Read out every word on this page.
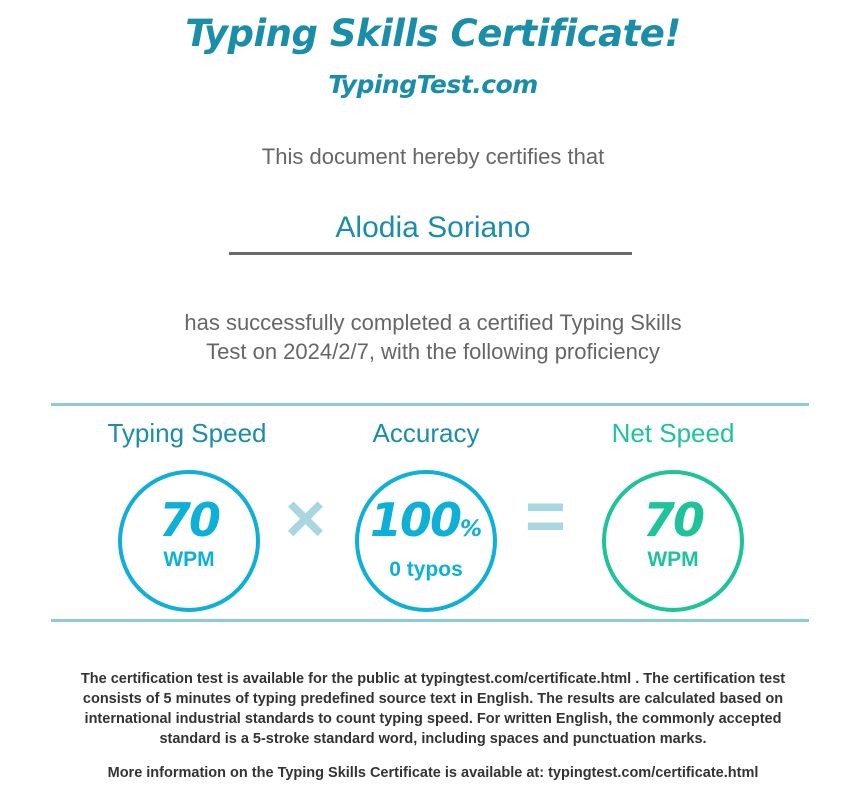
Typing Skills Certificate!
TypingTest.com
This document hereby certifies that
Alodia Soriano
has successfully completed a certified Typing Skills
Test on 2024/2/7, with the following proficiency
Typing Speed	Accuracy	Net Speed
70
WPM
× 100%
0 typos
=	70
WPM
The certification test is available for the public at typingtest.com/certificate.html . The certification test
consists of 5 minutes of typing predefined source text in English. The results are calculated based on
international industrial standards to count typing speed. For written English, the commonly accepted
standard is a 5-stroke standard word, including spaces and punctuation marks.
More information on the Typing Skills Certificate is available at: typingtest.com/certificate.html
